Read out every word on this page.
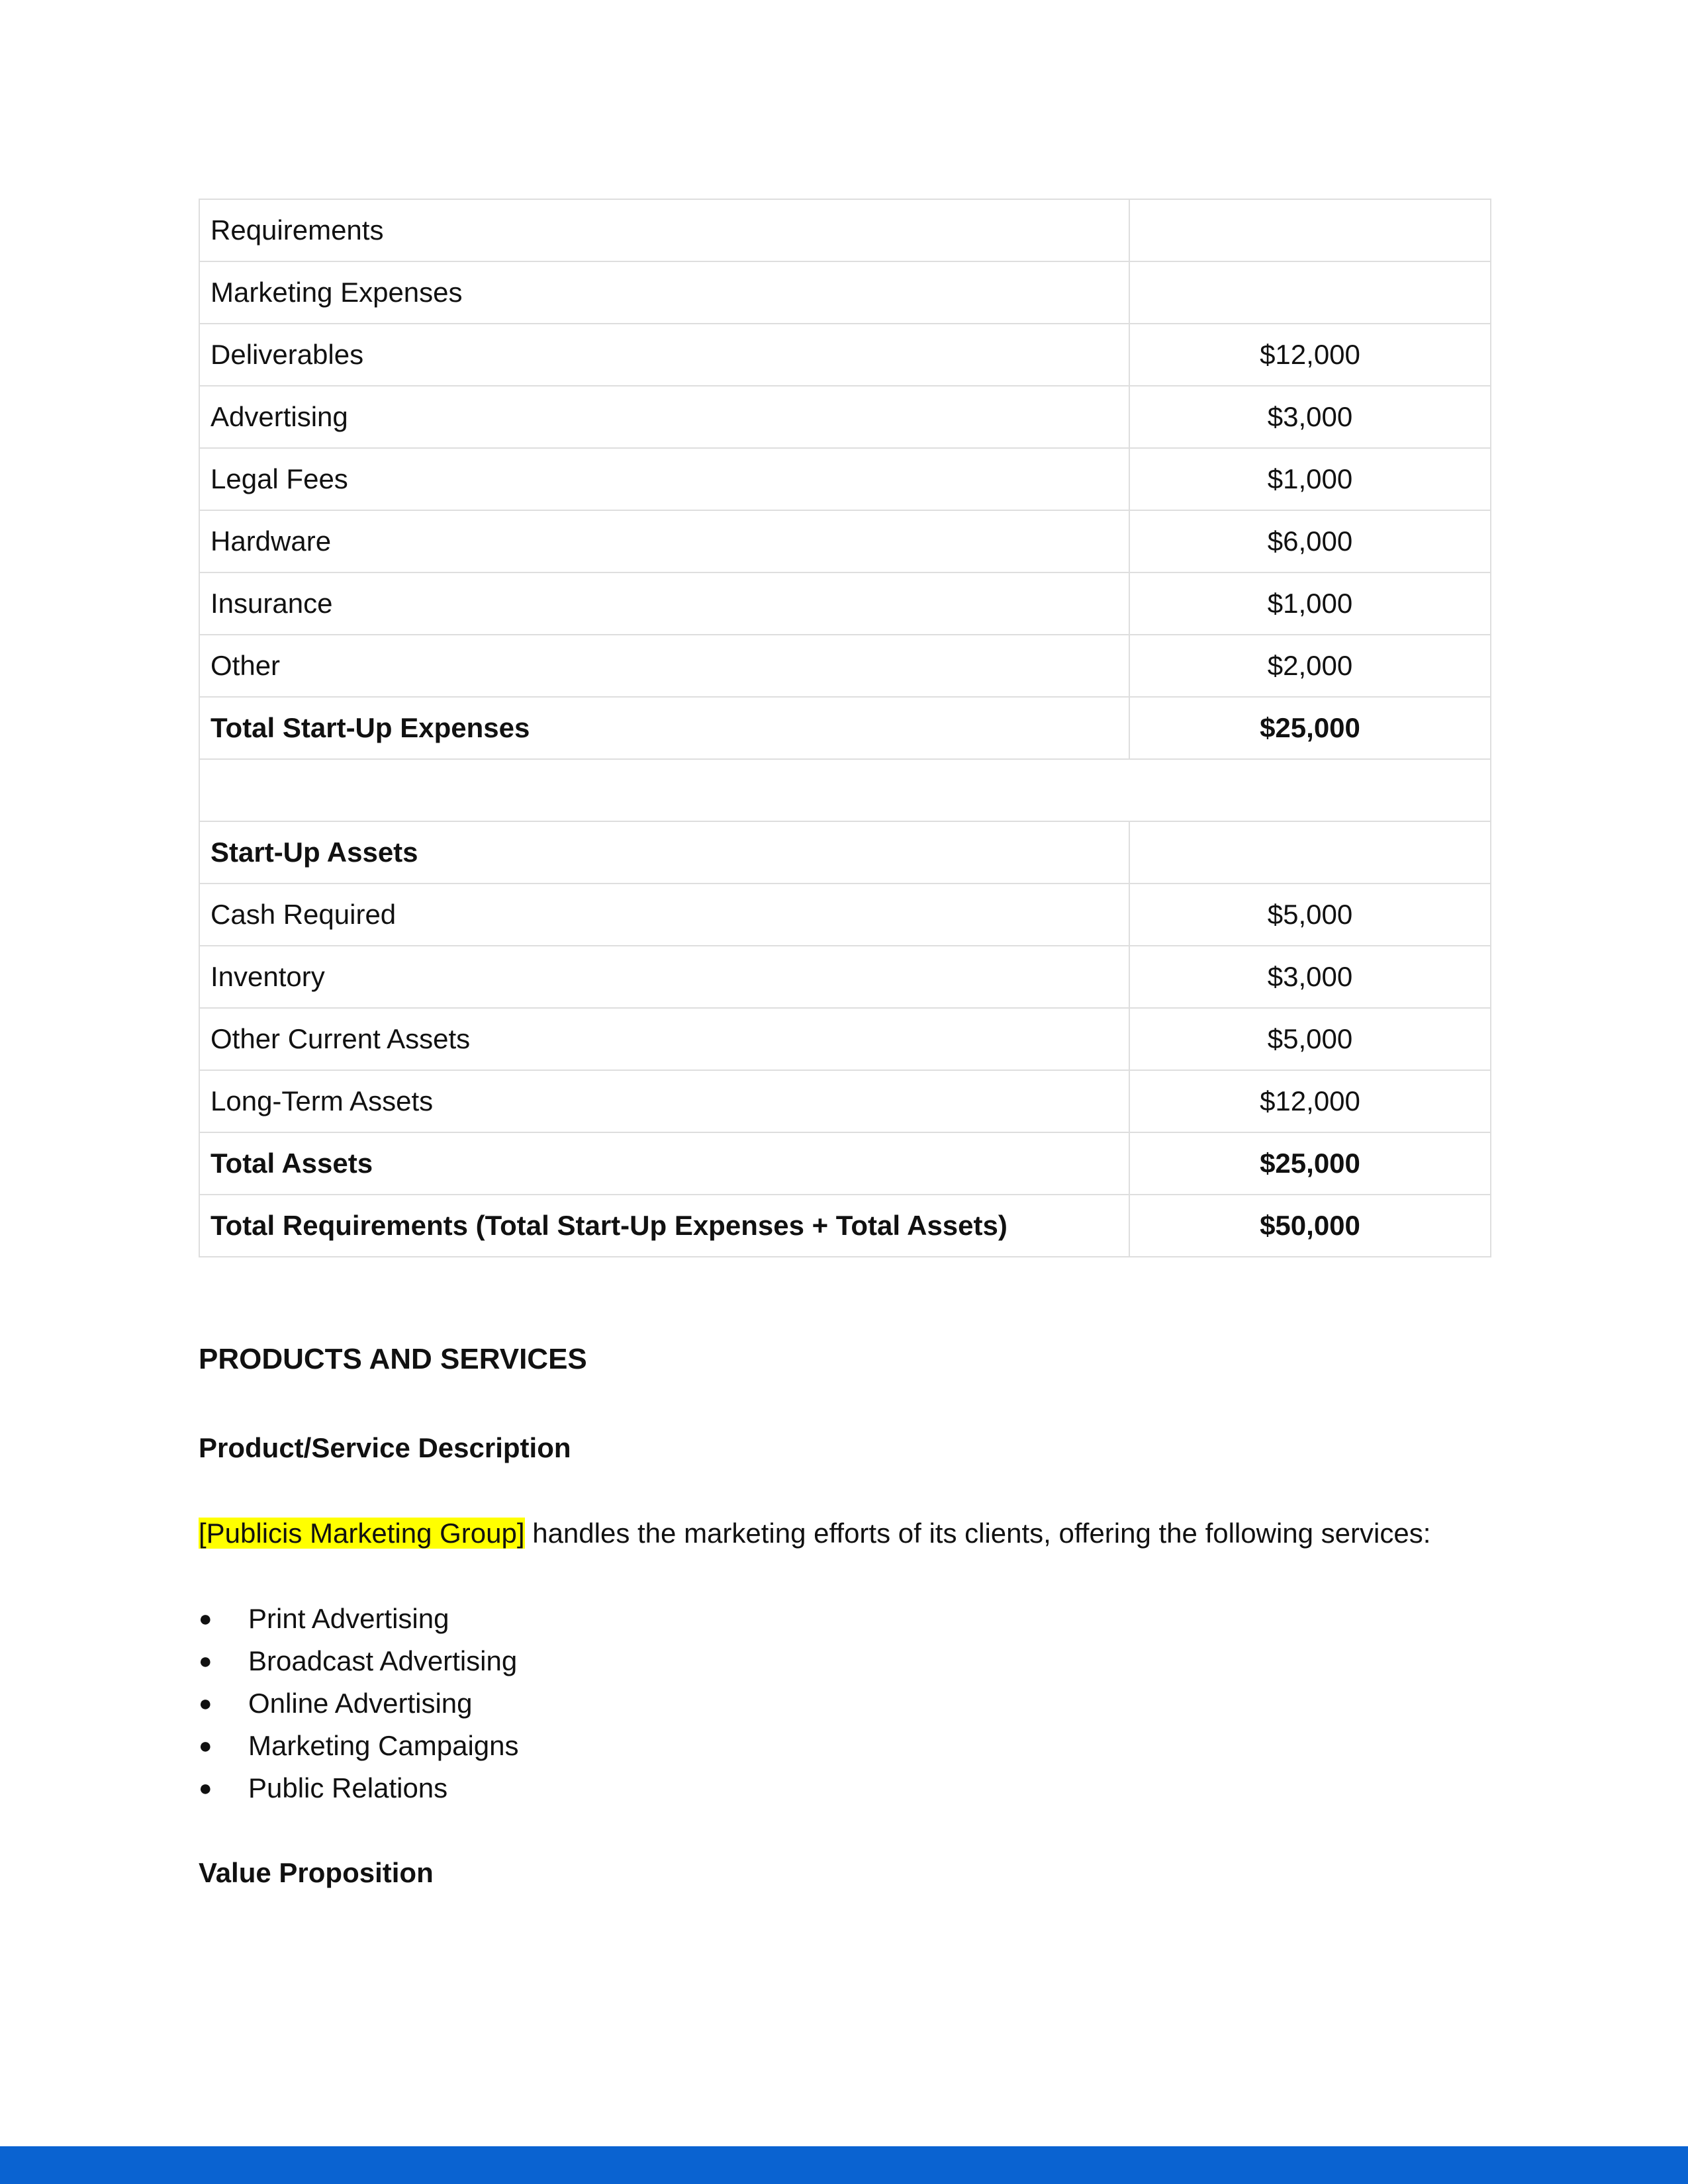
Requirements	
Marketing Expenses	
Deliverables	$12,000
Advertising	$3,000
Legal Fees	$1,000
Hardware	$6,000
Insurance	$1,000
Other	$2,000
Total Start-Up Expenses	$25,000

Start-Up Assets	
Cash Required	$5,000
Inventory	$3,000
Other Current Assets	$5,000
Long-Term Assets	$12,000
Total Assets	$25,000
Total Requirements (Total Start-Up Expenses + Total Assets)	$50,000
PRODUCTS AND SERVICES
Product/Service Description

[Publicis Marketing Group] handles the marketing efforts of its clients, offering the following services:

● Print Advertising
● Broadcast Advertising
● Online Advertising
● Marketing Campaigns
● Public Relations
Value Proposition
